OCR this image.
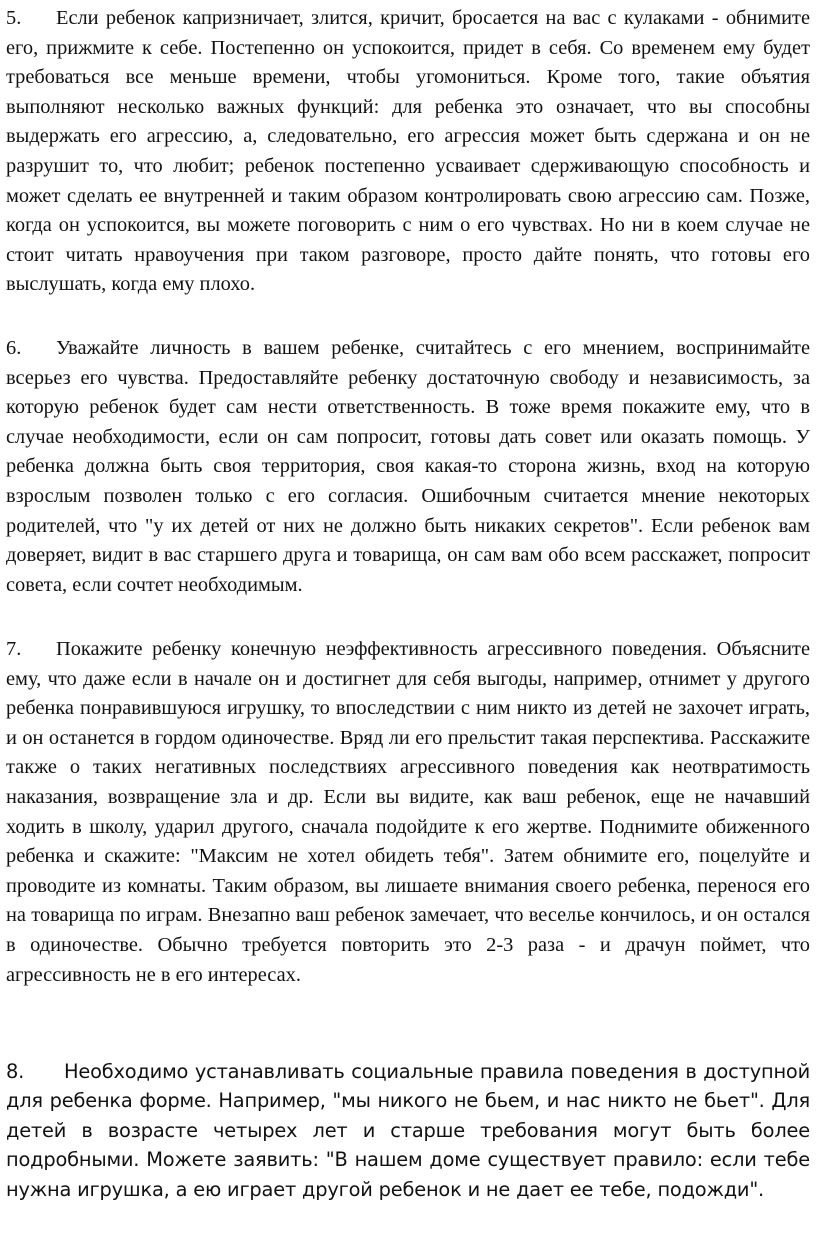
5. Если ребенок капризничает, злится, кричит, бросается на вас с кулаками - обнимите его, прижмите к себе. Постепенно он успокоится, придет в себя. Со временем ему будет требоваться все меньше времени, чтобы угомониться. Кроме того, такие объятия выполняют несколько важных функций: для ребенка это означает, что вы способны выдержать его агрессию, а, следовательно, его агрессия может быть сдержана и он не разрушит то, что любит; ребенок постепенно усваивает сдерживающую способность и может сделать ее внутренней и таким образом контролировать свою агрессию сам. Позже, когда он успокоится, вы можете поговорить с ним о его чувствах. Но ни в коем случае не стоит читать нравоучения при таком разговоре, просто дайте понять, что готовы его выслушать, когда ему плохо.

6. Уважайте личность в вашем ребенке, считайтесь с его мнением, воспринимайте всерьез его чувства. Предоставляйте ребенку достаточную свободу и независимость, за которую ребенок будет сам нести ответственность. В тоже время покажите ему, что в случае необходимости, если он сам попросит, готовы дать совет или оказать помощь. У ребенка должна быть своя территория, своя какая-то сторона жизнь, вход на которую взрослым позволен только с его согласия. Ошибочным считается мнение некоторых родителей, что "у их детей от них не должно быть никаких секретов". Если ребенок вам доверяет, видит в вас старшего друга и товарища, он сам вам обо всем расскажет, попросит совета, если сочтет необходимым.

7. Покажите ребенку конечную неэффективность агрессивного поведения. Объясните ему, что даже если в начале он и достигнет для себя выгоды, например, отнимет у другого ребенка понравившуюся игрушку, то впоследствии с ним никто из детей не захочет играть, и он останется в гордом одиночестве. Вряд ли его прельстит такая перспектива. Расскажите также о таких негативных последствиях агрессивного поведения как неотвратимость наказания, возвращение зла и др. Если вы видите, как ваш ребенок, еще не начавший ходить в школу, ударил другого, сначала подойдите к его жертве. Поднимите обиженного ребенка и скажите: "Максим не хотел обидеть тебя". Затем обнимите его, поцелуйте и проводите из комнаты. Таким образом, вы лишаете внимания своего ребенка, перенося его на товарища по играм. Внезапно ваш ребенок замечает, что веселье кончилось, и он остался в одиночестве. Обычно требуется повторить это 2-3 раза - и драчун поймет, что агрессивность не в его интересах.

8. Необходимо устанавливать социальные правила поведения в доступной для ребенка форме. Например, "мы никого не бьем, и нас никто не бьет". Для детей в возрасте четырех лет и старше требования могут быть более подробными. Можете заявить: "В нашем доме существует правило: если тебе нужна игрушка, а ею играет другой ребенок и не дает ее тебе, подожди".
